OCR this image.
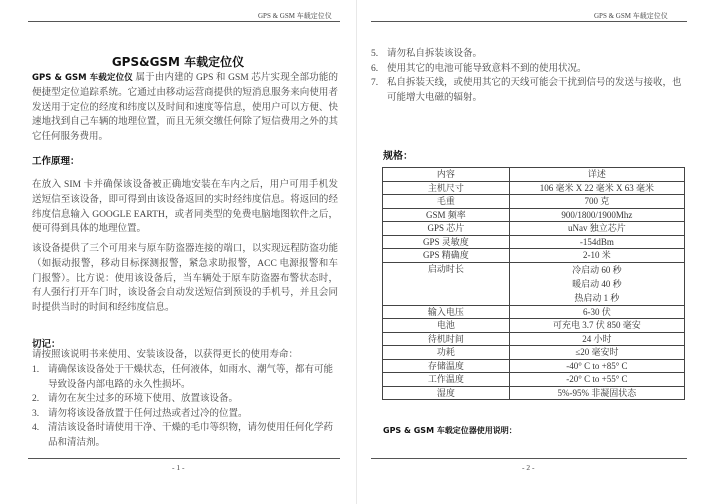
GPS & GSM 车载定位仪
GPS&GSM 车载定位仪
GPS & GSM 车载定位仪 属于由内建的 GPS 和 GSM 芯片实现全部功能的便捷型定位追踪系统。它通过由移动运营商提供的短消息服务来向使用者发送用于定位的经度和纬度以及时间和速度等信息，使用户可以方便、快速地找到自己车辆的地理位置，而且无须交缴任何除了短信费用之外的其它任何服务费用。
工作原理：
在放入 SIM 卡并确保该设备被正确地安装在车内之后，用户可用手机发送短信至该设备，即可得到由该设备返回的实时经纬度信息。将返回的经纬度信息输入 GOOGLE EARTH，或者同类型的免费电脑地图软件之后，便可得到具体的地理位置。
该设备提供了三个可用来与原车防盗器连接的端口，以实现远程防盗功能（如振动报警，移动目标探测报警，紧急求助报警，ACC 电源报警和车门报警）。比方说：使用该设备后，当车辆处于原车防盗器布警状态时，有人强行打开车门时，该设备会自动发送短信到预设的手机号，并且会同时提供当时的时间和经纬度信息。
切记：
请按照该说明书来使用、安装该设备，以获得更长的使用寿命：
1. 请确保该设备处于干燥状态，任何液体，如雨水、潮气等，都有可能导致设备内部电路的永久性损坏。
2. 请勿在灰尘过多的环境下使用、放置该设备。
3. 请勿将该设备放置于任何过热或者过冷的位置。
4. 清洁该设备时请使用干净、干燥的毛巾等织物，请勿使用任何化学药品和清洁剂。
- 1 -
GPS & GSM 车载定位仪
5. 请勿私自拆装该设备。
6. 使用其它的电池可能导致意料不到的使用状况。
7. 私自拆装天线，或使用其它的天线可能会干扰到信号的发送与接收，也可能增大电磁的辐射。
规格：
GPS & GSM 车载定位器使用说明：
- 2 -
内容	详述
主机尺寸	106 毫米 X 22 毫米 X 63 毫米
毛重	700 克
GSM 频率	900/1800/1900Mhz
GPS 芯片	uNav 独立芯片
GPS 灵敏度	-154dBm
GPS 精确度	2-10 米
启动时长	冷启动 60 秒
暖启动 40 秒
热启动 1 秒

输入电压	6-30 伏
电池	可充电 3.7 伏 850 毫安
待机时间	24 小时
功耗	≤20 毫安时
存储温度	-40° C to +85° C
工作温度	-20° C to +55° C
湿度	5%-95% 非凝固状态
